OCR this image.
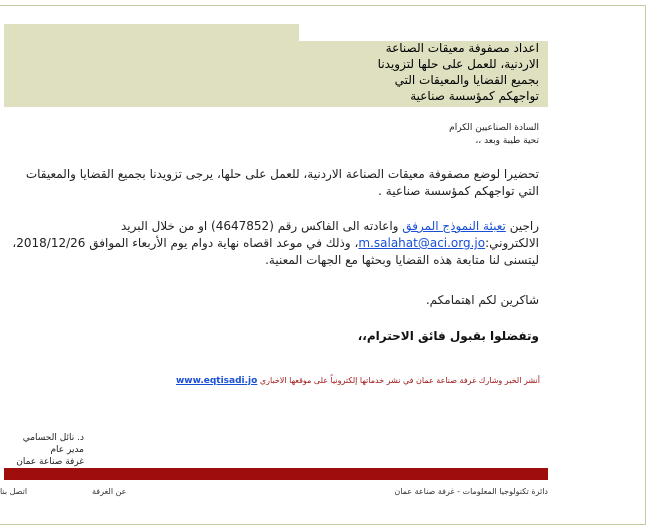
اعداد مصفوفة معيقات الصناعة
الاردنية، للعمل على حلها لتزويدنا
بجميع القضايا والمعيقات التي
تواجهكم كمؤسسة صناعية
السادة الصناعيين الكرام
تحية طيبة وبعد ،،

تحضيرا لوضع مصفوفة معيقات الصناعة الاردنية، للعمل على حلها، يرجى تزويدنا بجميع القضايا والمعيقات التي تواجهكم كمؤسسة صناعية .

راجين تعبئة النموذج المرفق واعادته الى الفاكس رقم (4647852) او من خلال البريد الالكتروني:m.salahat@aci.org.jo، وذلك في موعد اقصاه نهاية دوام يوم الأربعاء الموافق 2018/12/26، ليتسنى لنا متابعة هذه القضايا وبحثها مع الجهات المعنية.

شاكرين لكم اهتمامكم.
وتفضلوا بقبول فائق الاحترام،،
www.eqtisadi.jo أنشر الخبر وشارك غرفة صناعة عمان في نشر خدماتها إلكترونياً على موقعها الاخباري
د. نائل الحسامي
مدير عام
غرفة صناعة عمان
دائرة تكنولوجيا المعلومات - غرفة صناعة عمان
عن الغرفة
اتصل بنا
